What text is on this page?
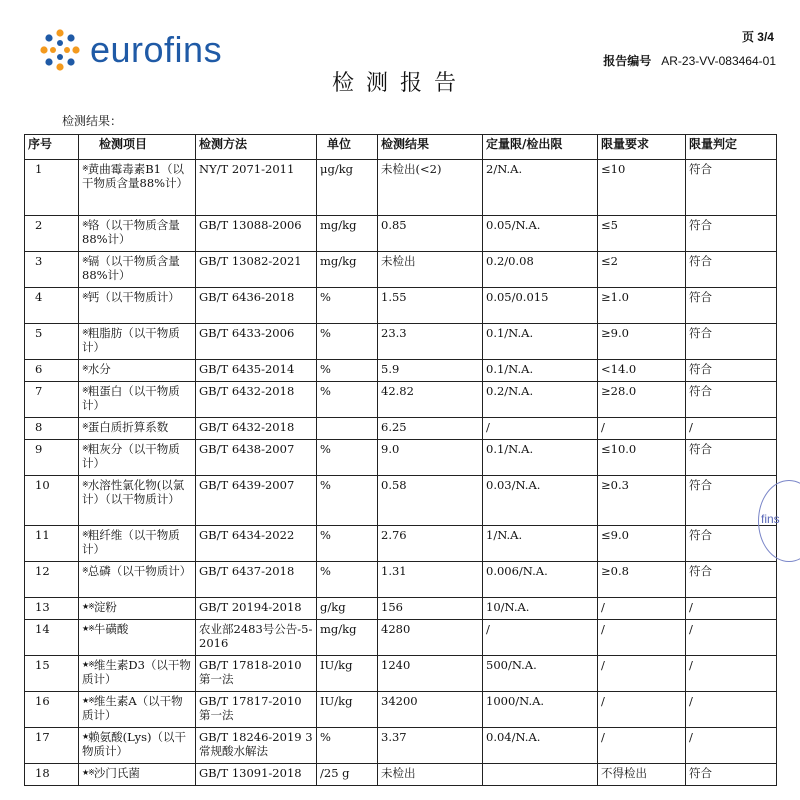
eurofins	页 3/4
报告编号 AR-23-VV-083464-01
检测报告
检测结果：
序号	检测项目	检测方法	单位	检测结果	定量限/检出限	限量要求	限量判定
1	※黄曲霉毒素B1（以干物质含量88%计）	NY/T 2071-2011	μg/kg	未检出(<2)	2/N.A.	≤10	符合
2	※铬（以干物质含量88%计）	GB/T 13088-2006	mg/kg	0.85	0.05/N.A.	≤5	符合
3	※镉（以干物质含量88%计）	GB/T 13082-2021	mg/kg	未检出	0.2/0.08	≤2	符合
4	※钙（以干物质计）	GB/T 6436-2018	%	1.55	0.05/0.015	≥1.0	符合
5	※粗脂肪（以干物质计）	GB/T 6433-2006	%	23.3	0.1/N.A.	≥9.0	符合
6	※水分	GB/T 6435-2014	%	5.9	0.1/N.A.	<14.0	符合
7	※粗蛋白（以干物质计）	GB/T 6432-2018	%	42.82	0.2/N.A.	≥28.0	符合
8	※蛋白质折算系数	GB/T 6432-2018		6.25	/	/	/
9	※粗灰分（以干物质计）	GB/T 6438-2007	%	9.0	0.1/N.A.	≤10.0	符合
10	※水溶性氯化物(以氯计）（以干物质计）	GB/T 6439-2007	%	0.58	0.03/N.A.	≥0.3	符合
11	※粗纤维（以干物质计）	GB/T 6434-2022	%	2.76	1/N.A.	≤9.0	符合
12	※总磷（以干物质计）	GB/T 6437-2018	%	1.31	0.006/N.A.	≥0.8	符合
13	★※淀粉	GB/T 20194-2018	g/kg	156	10/N.A.	/	/
14	★※牛磺酸	农业部2483号公告-5-2016	mg/kg	4280	/	/	/
15	★※维生素D3（以干物质计）	GB/T 17818-2010 第一法	IU/kg	1240	500/N.A.	/	/
16	★※维生素A（以干物质计）	GB/T 17817-2010 第一法	IU/kg	34200	1000/N.A.	/	/
17	★赖氨酸(Lys)（以干物质计）	GB/T 18246-2019 3 常规酸水解法	%	3.37	0.04/N.A.	/	/
18	★※沙门氏菌	GB/T 13091-2018	/25 g	未检出		不得检出	符合
fins
